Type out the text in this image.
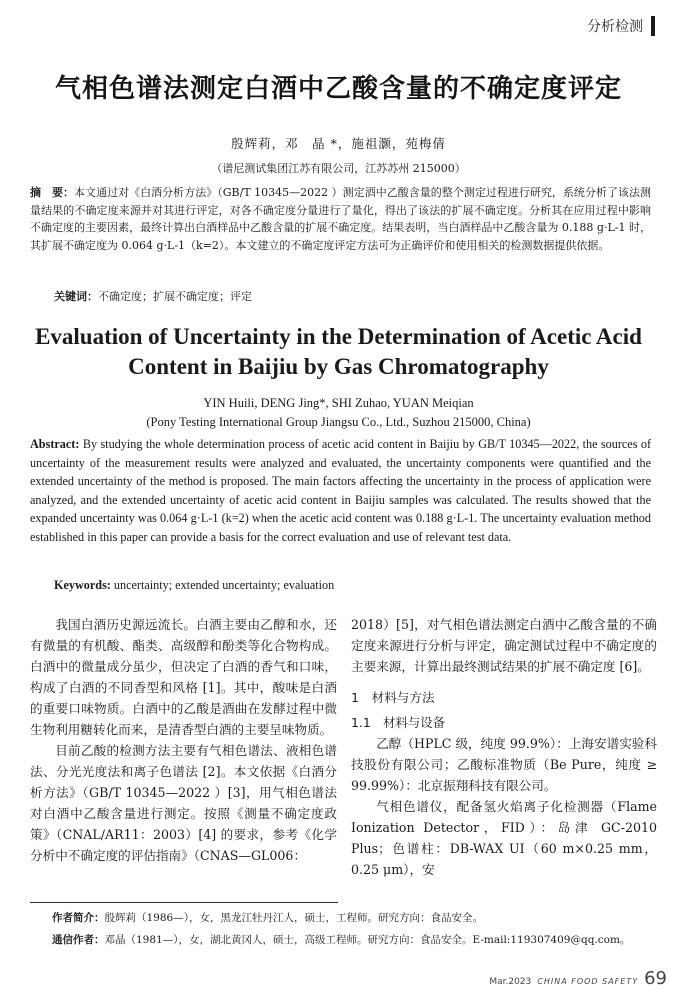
分析检测
气相色谱法测定白酒中乙酸含量的不确定度评定
殷辉莉，邓　晶 *，施祖灏，苑梅倩
（谱尼测试集团江苏有限公司，江苏苏州 215000）
摘　要：本文通过对《白酒分析方法》（GB/T 10345—2022 ）测定酒中乙酸含量的整个测定过程进行研究，系统分析了该法测量结果的不确定度来源并对其进行评定，对各不确定度分量进行了量化，得出了该法的扩展不确定度。分析其在应用过程中影响不确定度的主要因素，最终计算出白酒样品中乙酸含量的扩展不确定度。结果表明，当白酒样品中乙酸含量为 0.188 g·L-1 时，其扩展不确定度为 0.064 g·L-1（k=2）。本文建立的不确定度评定方法可为正确评价和使用相关的检测数据提供依据。
关键词：不确定度；扩展不确定度；评定
Evaluation of Uncertainty in the Determination of Acetic Acid
Content in Baijiu by Gas Chromatography
YIN Huili, DENG Jing*, SHI Zuhao, YUAN Meiqian
(Pony Testing International Group Jiangsu Co., Ltd., Suzhou 215000, China)
Abstract: By studying the whole determination process of acetic acid content in Baijiu by GB/T 10345—2022, the sources of uncertainty of the measurement results were analyzed and evaluated, the uncertainty components were quantified and the extended uncertainty of the method is proposed. The main factors affecting the uncertainty in the process of application were analyzed, and the extended uncertainty of acetic acid content in Baijiu samples was calculated. The results showed that the expanded uncertainty was 0.064 g·L-1 (k=2) when the acetic acid content was 0.188 g·L-1. The uncertainty evaluation method established in this paper can provide a basis for the correct evaluation and use of relevant test data.
Keywords: uncertainty; extended uncertainty; evaluation

我国白酒历史源远流长。白酒主要由乙醇和水，还有微量的有机酸、酯类、高级醇和酚类等化合物构成。白酒中的微量成分虽少，但决定了白酒的香气和口味，构成了白酒的不同香型和风格 [1]。其中，酸味是白酒的重要口味物质。白酒中的乙酸是酒曲在发酵过程中微生物利用糖转化而来，是清香型白酒的主要呈味物质。

目前乙酸的检测方法主要有气相色谱法、液相色谱法、分光光度法和离子色谱法 [2]。本文依据《白酒分析方法》（GB/T 10345—2022 ）[3]，用气相色谱法对白酒中乙酸含量进行测定。按照《测量不确定度政策》（CNAL/AR11：2003）[4] 的要求，参考《化学分析中不确定度的评估指南》（CNAS—GL006：

2018）[5]，对气相色谱法测定白酒中乙酸含量的不确定度来源进行分析与评定，确定测试过程中不确定度的主要来源，计算出最终测试结果的扩展不确定度 [6]。

1　材料与方法
1.1　材料与设备

乙醇（HPLC 级，纯度 99.9%）：上海安谱实验科技股份有限公司；乙酸标准物质（Be Pure，纯度 ≥ 99.99%）：北京振翔科技有限公司。

气相色谱仪，配备氢火焰离子化检测器（Flame Ionization Detector，FID）：岛津 GC-2010 Plus；色谱柱：DB-WAX UI（60 m×0.25 mm，0.25 μm），安

作者简介：殷辉莉（1986—），女，黑龙江牡丹江人，硕士，工程师。研究方向：食品安全。
通信作者：邓晶（1981—），女，湖北黄冈人，硕士，高级工程师。研究方向：食品安全。E-mail:119307409@qq.com。
Mar.2023 CHINA FOOD SAFETY 69
